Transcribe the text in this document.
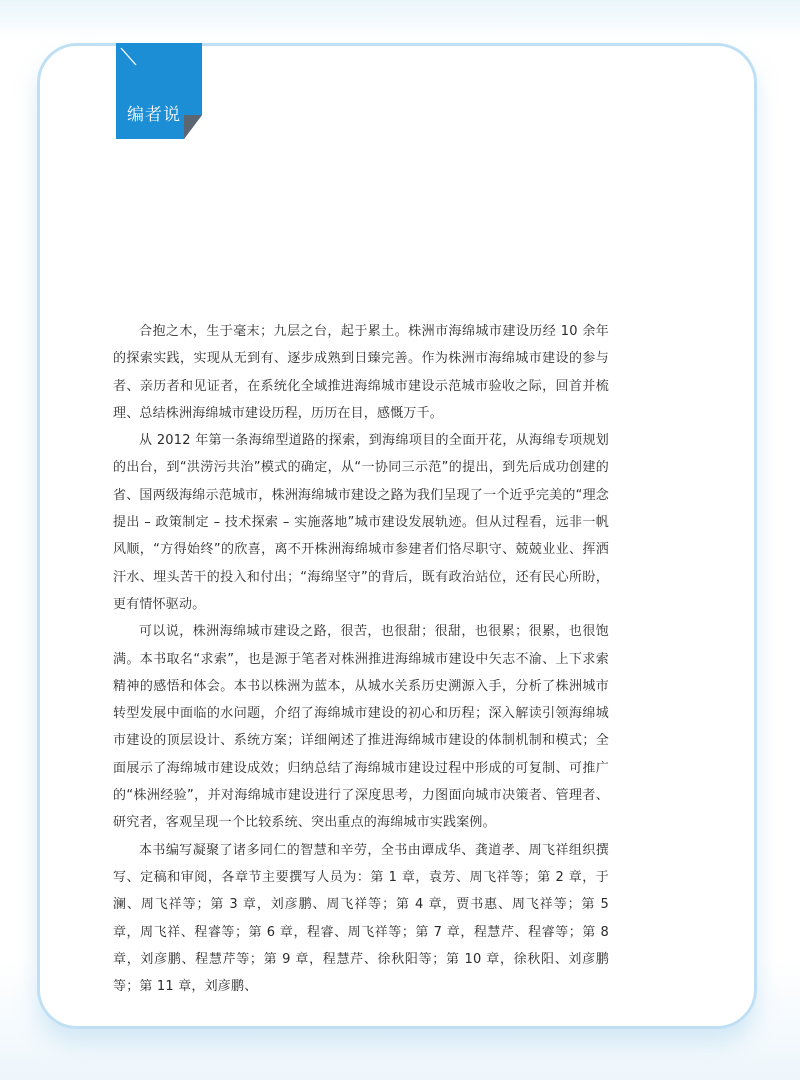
编者说

合抱之木，生于毫末；九层之台，起于累土。株洲市海绵城市建设历经 10 余年的探索实践，实现从无到有、逐步成熟到日臻完善。作为株洲市海绵城市建设的参与者、亲历者和见证者，在系统化全域推进海绵城市建设示范城市验收之际，回首并梳理、总结株洲海绵城市建设历程，历历在目，感慨万千。

从 2012 年第一条海绵型道路的探索，到海绵项目的全面开花，从海绵专项规划的出台，到“洪涝污共治”模式的确定，从“一协同三示范”的提出，到先后成功创建的省、国两级海绵示范城市，株洲海绵城市建设之路为我们呈现了一个近乎完美的“理念提出 – 政策制定 – 技术探索 – 实施落地”城市建设发展轨迹。但从过程看，远非一帆风顺，“方得始终”的欣喜，离不开株洲海绵城市参建者们恪尽职守、兢兢业业、挥洒汗水、埋头苦干的投入和付出；“海绵坚守”的背后，既有政治站位，还有民心所盼，更有情怀驱动。

可以说，株洲海绵城市建设之路，很苦，也很甜；很甜，也很累；很累，也很饱满。本书取名“求索”，也是源于笔者对株洲推进海绵城市建设中矢志不渝、上下求索精神的感悟和体会。本书以株洲为蓝本，从城水关系历史溯源入手，分析了株洲城市转型发展中面临的水问题，介绍了海绵城市建设的初心和历程；深入解读引领海绵城市建设的顶层设计、系统方案；详细阐述了推进海绵城市建设的体制机制和模式；全面展示了海绵城市建设成效；归纳总结了海绵城市建设过程中形成的可复制、可推广的“株洲经验”，并对海绵城市建设进行了深度思考，力图面向城市决策者、管理者、研究者，客观呈现一个比较系统、突出重点的海绵城市实践案例。

本书编写凝聚了诸多同仁的智慧和辛劳，全书由谭成华、龚道孝、周飞祥组织撰写、定稿和审阅，各章节主要撰写人员为：第 1 章，袁芳、周飞祥等；第 2 章，于澜、周飞祥等；第 3 章，刘彦鹏、周飞祥等；第 4 章，贾书惠、周飞祥等；第 5 章，周飞祥、程睿等；第 6 章，程睿、周飞祥等；第 7 章，程慧芹、程睿等；第 8 章，刘彦鹏、程慧芹等；第 9 章，程慧芹、徐秋阳等；第 10 章，徐秋阳、刘彦鹏等；第 11 章，刘彦鹏、
